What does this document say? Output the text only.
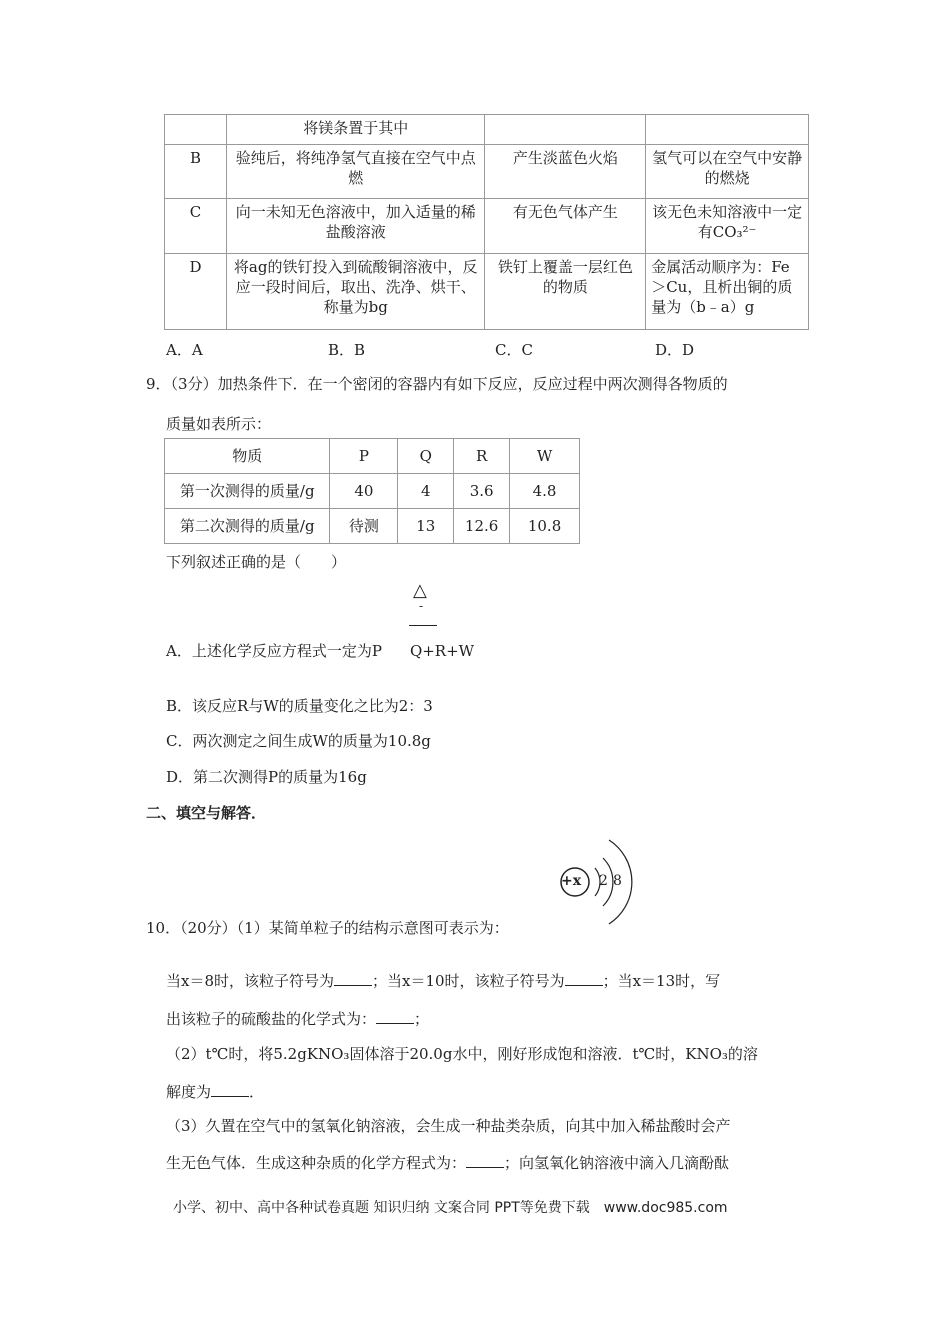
	将镁条置于其中		
B	验纯后，将纯净氢气直接在空气中点燃	产生淡蓝色火焰	氢气可以在空气中安静的燃烧
C	向一未知无色溶液中，加入适量的稀盐酸溶液	有无色气体产生	该无色未知溶液中一定有CO₃²⁻
D	将ag的铁钉投入到硫酸铜溶液中，反应一段时间后，取出、洗净、烘干、称量为bg	铁钉上覆盖一层红色的物质	金属活动顺序为：Fe＞Cu，且析出铜的质量为（b﹣a）g
A．A	B．B	C．C	D．D
9．（3分）加热条件下．在一个密闭的容器内有如下反应，反应过程中两次测得各物质的
质量如表所示：
物质	P	Q	R	W
第一次测得的质量/g	40	4	3.6	4.8
第二次测得的质量/g	待测	13	12.6	10.8
下列叙述正确的是（　　）
△
-
A．上述化学反应方程式一定为P Q+R+W
B．该反应R与W的质量变化之比为2：3
C．两次测定之间生成W的质量为10.8g
D．第二次测得P的质量为16g
二、填空与解答．
+x 2 8
10．（20分）（1）某简单粒子的结构示意图可表示为：
当x＝8时，该粒子符号为	；当x＝10时，该粒子符号为	；当x＝13时，写
出该粒子的硫酸盐的化学式为：	；
（2）t℃时，将5.2gKNO₃固体溶于20.0g水中，刚好形成饱和溶液．t℃时，KNO₃的溶
解度为	．
（3）久置在空气中的氢氧化钠溶液，会生成一种盐类杂质，向其中加入稀盐酸时会产
生无色气体．生成这种杂质的化学方程式为：	；向氢氧化钠溶液中滴入几滴酚酞
小学、初中、高中各种试卷真题 知识归纳 文案合同 PPT等免费下载　www.doc985.com
